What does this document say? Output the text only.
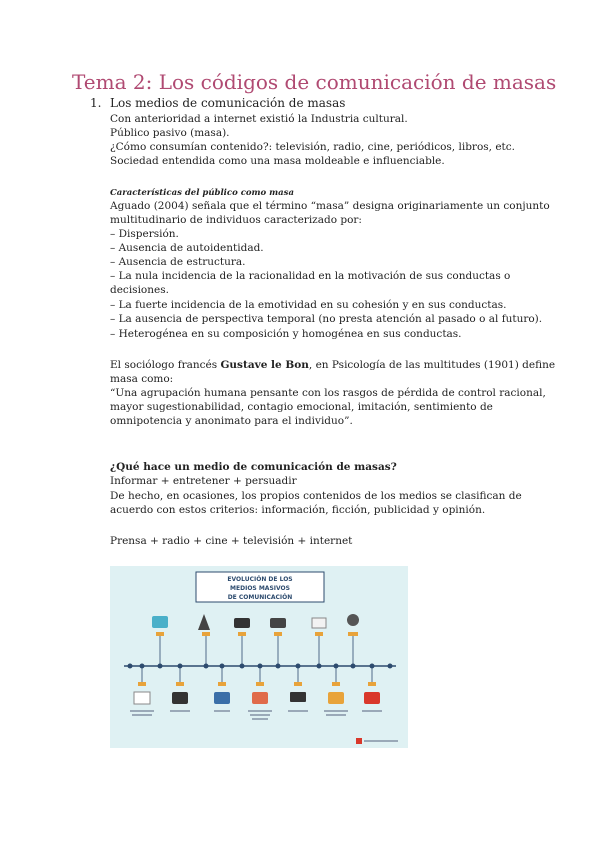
Tema 2: Los códigos de comunicación de masas
1. Los medios de comunicación de masas
Con anterioridad a internet existió la Industria cultural.
Público pasivo (masa).
¿Cómo consumían contenido?: televisión, radio, cine, periódicos, libros, etc.
Sociedad entendida como una masa moldeable e influenciable.
Características del público como masa
Aguado (2004) señala que el término “masa” designa originariamente un conjunto
multitudinario de individuos caracterizado por:
– Dispersión.
– Ausencia de autoidentidad.
– Ausencia de estructura.
– La nula incidencia de la racionalidad en la motivación de sus conductas o
decisiones.
– La fuerte incidencia de la emotividad en su cohesión y en sus conductas.
– La ausencia de perspectiva temporal (no presta atención al pasado o al futuro).
– Heterogénea en su composición y homogénea en sus conductas.
El sociólogo francés Gustave le Bon, en Psicología de las multitudes (1901) define
masa como:
“Una agrupación humana pensante con los rasgos de pérdida de control racional,
mayor sugestionabilidad, contagio emocional, imitación, sentimiento de
omnipotencia y anonimato para el individuo”.
¿Qué hace un medio de comunicación de masas?
Informar + entretener + persuadir
De hecho, en ocasiones, los propios contenidos de los medios se clasifican de
acuerdo con estos criterios: información, ficción, publicidad y opinión.
Prensa + radio + cine + televisión + internet
EVOLUCIÓN DE LOS
MEDIOS MASIVOS
DE COMUNICACIÓN
